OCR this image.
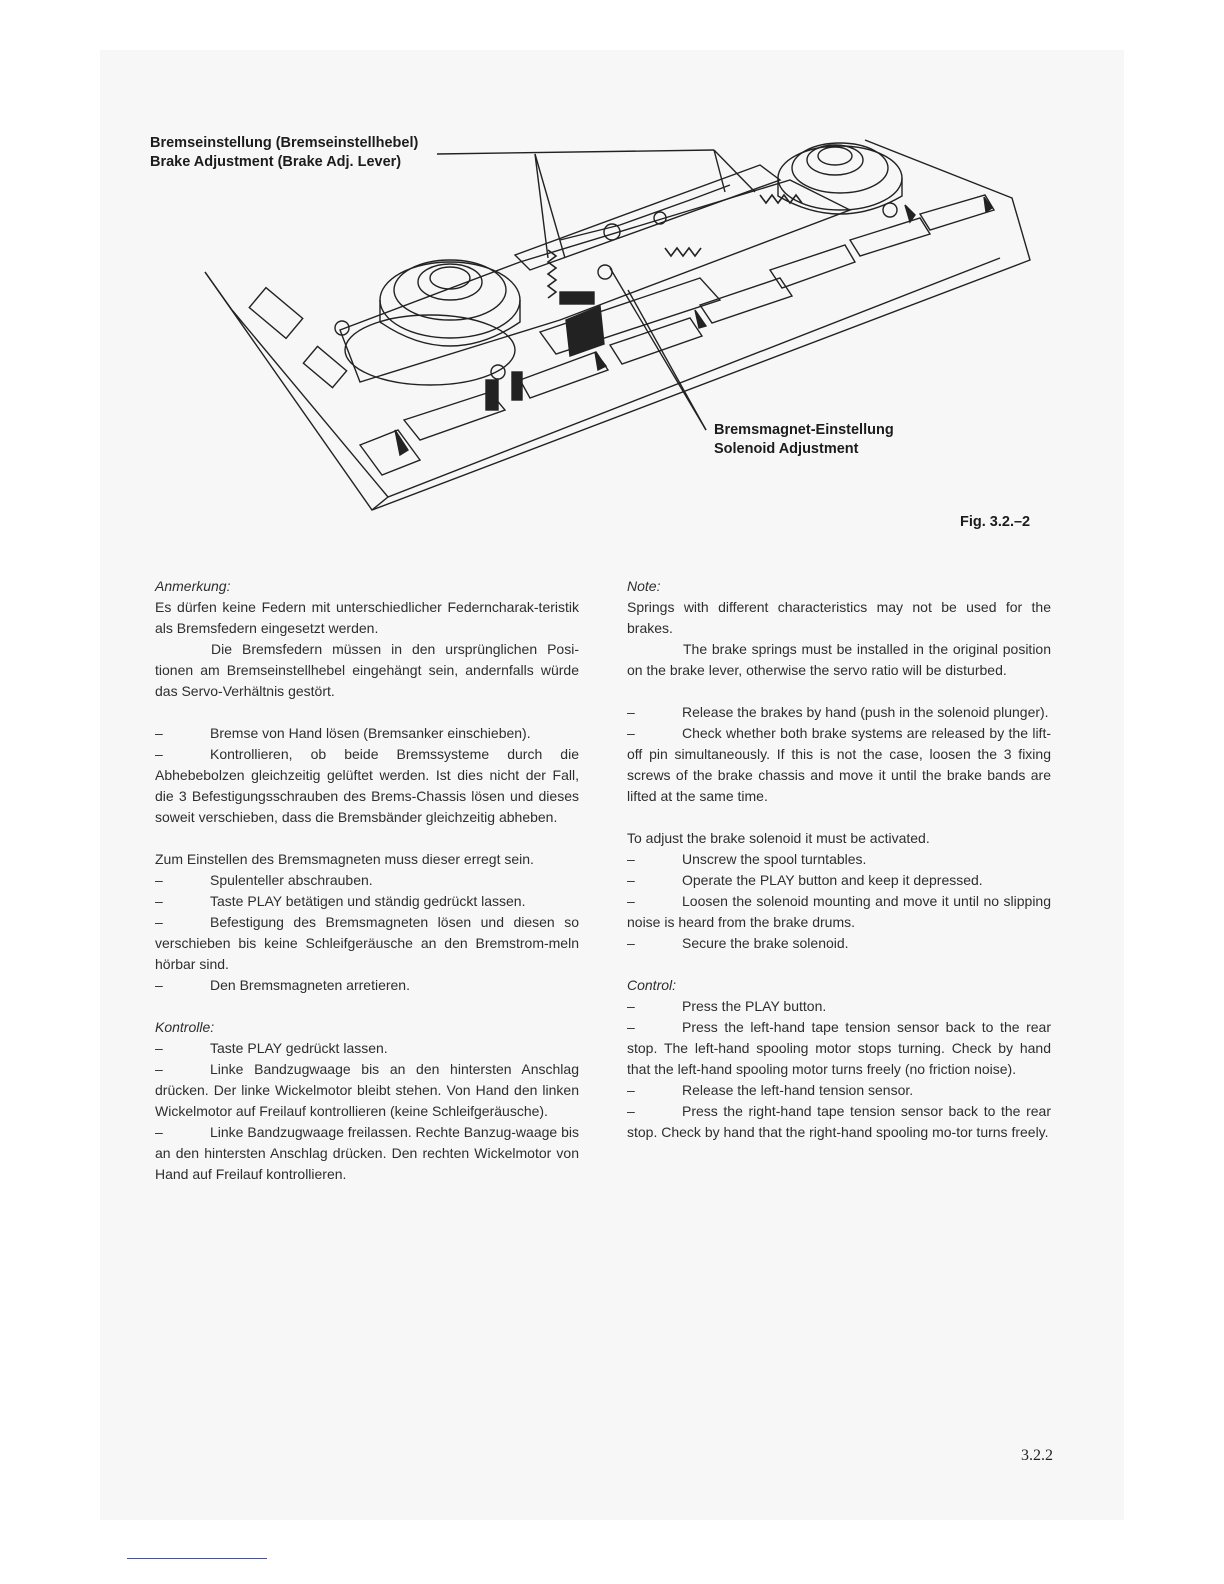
Bremseinstellung (Bremseinstellhebel)
Brake Adjustment (Brake Adj. Lever)
Bremsmagnet-Einstellung
Solenoid Adjustment
Fig. 3.2.–2

Anmerkung:

Es dürfen keine Federn mit unterschiedlicher Federncharak-teristik als Bremsfedern eingesetzt werden.

Die Bremsfedern müssen in den ursprünglichen Posi-tionen am Bremseinstellhebel eingehängt sein, andernfalls würde das Servo-Verhältnis gestört.

–	Bremse von Hand lösen (Bremsanker einschieben).

–	Kontrollieren, ob beide Bremssysteme durch die Abhebebolzen gleichzeitig gelüftet werden. Ist dies nicht der Fall, die 3 Befestigungsschrauben des Brems-Chassis lösen und dieses soweit verschieben, dass die Bremsbänder gleichzeitig abheben.

Zum Einstellen des Bremsmagneten muss dieser erregt sein.

–	Spulenteller abschrauben.

–	Taste PLAY betätigen und ständig gedrückt lassen.

–	Befestigung des Bremsmagneten lösen und diesen so verschieben bis keine Schleifgeräusche an den Bremstrom-meln hörbar sind.

–	Den Bremsmagneten arretieren.

Kontrolle:

–	Taste PLAY gedrückt lassen.

–	Linke Bandzugwaage bis an den hintersten Anschlag drücken. Der linke Wickelmotor bleibt stehen. Von Hand den linken Wickelmotor auf Freilauf kontrollieren (keine Schleifgeräusche).

–	Linke Bandzugwaage freilassen. Rechte Banzug-waage bis an den hintersten Anschlag drücken. Den rechten Wickelmotor von Hand auf Freilauf kontrollieren.

Note:

Springs with different characteristics may not be used for the brakes.

The brake springs must be installed in the original position on the brake lever, otherwise the servo ratio will be disturbed.

–	Release the brakes by hand (push in the solenoid plunger).

–	Check whether both brake systems are released by the lift-off pin simultaneously. If this is not the case, loosen the 3 fixing screws of the brake chassis and move it until the brake bands are lifted at the same time.

To adjust the brake solenoid it must be activated.

–	Unscrew the spool turntables.

–	Operate the PLAY button and keep it depressed.

–	Loosen the solenoid mounting and move it until no slipping noise is heard from the brake drums.

–	Secure the brake solenoid.

Control:

–	Press the PLAY button.

–	Press the left-hand tape tension sensor back to the rear stop. The left-hand spooling motor stops turning. Check by hand that the left-hand spooling motor turns freely (no friction noise).

–	Release the left-hand tension sensor.

–	Press the right-hand tape tension sensor back to the rear stop. Check by hand that the right-hand spooling mo-tor turns freely.

3.2.2
